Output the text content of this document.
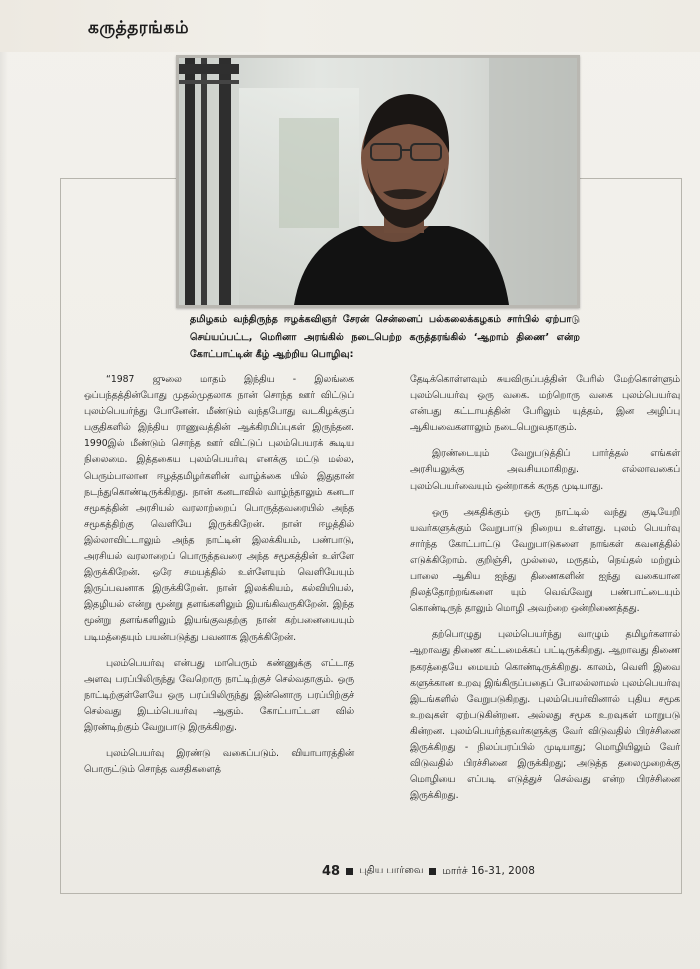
கருத்தரங்கம்
தமிழகம் வந்திருந்த ஈழக்கவிஞர் சேரன் சென்னைப் பல்கலைக்கழகம் சார்பில் ஏற்பாடு செய்யப்பட்ட, மெரினா அரங்கில் நடைபெற்ற கருத்தரங்கில் ‘ஆறாம் திணை’ என்ற கோட்பாட்டின் கீழ் ஆற்றிய பொழிவு:

“1987 ஜுலை மாதம் இந்திய - இலங்கை ஒப்பந்தத்தின்போது முதல்முதலாக நான் சொந்த ஊர் விட்டுப் புலம்பெயர்ந்து போனேன். மீண்டும் வந்தபோது வடகிழக்குப் பகுதிகளில் இந்திய ராணுவத்தின் ஆக்கிரமிப்புகள் இருந்தன. 1990இல் மீண்டும் சொந்த ஊர் விட்டுப் புலம்பெயரக் கூடிய நிலைமை. இத்தகைய புலம்பெயர்வு எனக்கு மட்டு மல்ல, பெரும்பாலான ஈழத்தமிழர்களின் வாழ்க்கை யில் இதுதான் நடந்துகொண்டிருக்கிறது. நான் கனடாவில் வாழ்ந்தாலும் கனடா சமூகத்தின் அரசியல் வரலாற்றைப் பொருத்தவரையில் அந்த சமூகத்திற்கு வெளியே இருக்கிறேன். நான் ஈழத்தில் இல்லாவிட்டாலும் அந்த நாட்டின் இலக்கியம், பண்பாடு, அரசியல் வரலாறைப் பொருத்தவரை அந்த சமூகத்தின் உள்ளே இருக்கிறேன். ஒரே சமயத்தில் உள்ளேயும் வெளியேயும் இருப்பவனாக இருக்கிறேன். நான் இலக்கியம், கல்வியியல், இதழியல் என்று மூன்று தளங்களிலும் இயங்கிவருகிறேன். இந்த மூன்று தளங்களிலும் இயங்குவதற்கு நான் கற்பனையையும் படிமத்தையும் பயன்படுத்து பவனாக இருக்கிறேன்.

புலம்பெயர்வு என்பது மாபெரும் கண்ணுக்கு எட்டாத அளவு பரப்பிலிருந்து வேறொரு நாட்டிற்குச் செல்வதாகும். ஒரு நாட்டிற்குள்ளேயே ஒரு பரப்பிலிருந்து இன்னொரு பரப்பிற்குச் செல்வது இடம்பெயர்வு ஆகும். கோட்பாட்டள வில் இரண்டிற்கும் வேறுபாடு இருக்கிறது.

புலம்பெயர்வு இரண்டு வகைப்படும். வியாபாரத்தின் பொருட்டும் சொந்த வசதிகளைத்

தேடிக்கொள்ளவும் சுயவிருப்பத்தின் பேரில் மேற்கொள்ளும் புலம்பெயர்வு ஒரு வகை. மற்றொரு வகை புலம்பெயர்வு என்பது கட்டாயத்தின் பேரிலும் யுத்தம், இன அழிப்பு ஆகியவைகளாலும் நடைபெறுவதாகும்.

இரண்டையும் வேறுபடுத்திப் பார்த்தல் எங்கள் அரசியலுக்கு அவசியமாகிறது. எல்லாவகைப் புலம்பெயர்வையும் ஒன்றாகக் கருத முடியாது.

ஒரு அகதிக்கும் ஒரு நாட்டில் வந்து குடியேறி யவர்களுக்கும் வேறுபாடு நிறைய உள்ளது. புலம் பெயர்வு சார்ந்த கோட்பாட்டு வேறுபாடுகளை நாங்கள் கவனத்தில் எடுக்கிறோம். குறிஞ்சி, முல்லை, மருதம், நெய்தல் மற்றும் பாலை ஆகிய ஐந்து திணைகளின் ஐந்து வகையான நிலத்தோற்றங்களை யும் வெவ்வேறு பண்பாட்டையும் கொண்டிருந் தாலும் மொழி அவற்றை ஒன்றிணைத்தது.

தற்பொழுது புலம்பெயர்ந்து வாழும் தமிழர்களால் ஆறாவது திணை கட்டமைக்கப் பட்டிருக்கிறது. ஆறாவது திணை நகரத்தையே மையம் கொண்டிருக்கிறது. காலம், வெளி இவை களுக்கான உறவு இங்கிருப்பதைப் போலல்லாமல் புலம்பெயர்வு இடங்களில் வேறுபடுகிறது. புலம்பெயர்வினால் புதிய சமூக உறவுகள் ஏற்படுகின்றன. அல்லது சமூக உறவுகள் மாறுபடு கின்றன. புலம்பெயர்ந்தவர்களுக்கு வேர் விடுவதில் பிரச்சினை இருக்கிறது - நிலப்பரப்பில் முடியாது; மொழியிலும் வேர் விடுவதில் பிரச்சினை இருக்கிறது; அடுத்த தலைமுறைக்கு மொழியை எப்படி எடுத்துச் செல்வது என்ற பிரச்சினை இருக்கிறது.

48 புதிய பார்வை மார்ச் 16-31, 2008
